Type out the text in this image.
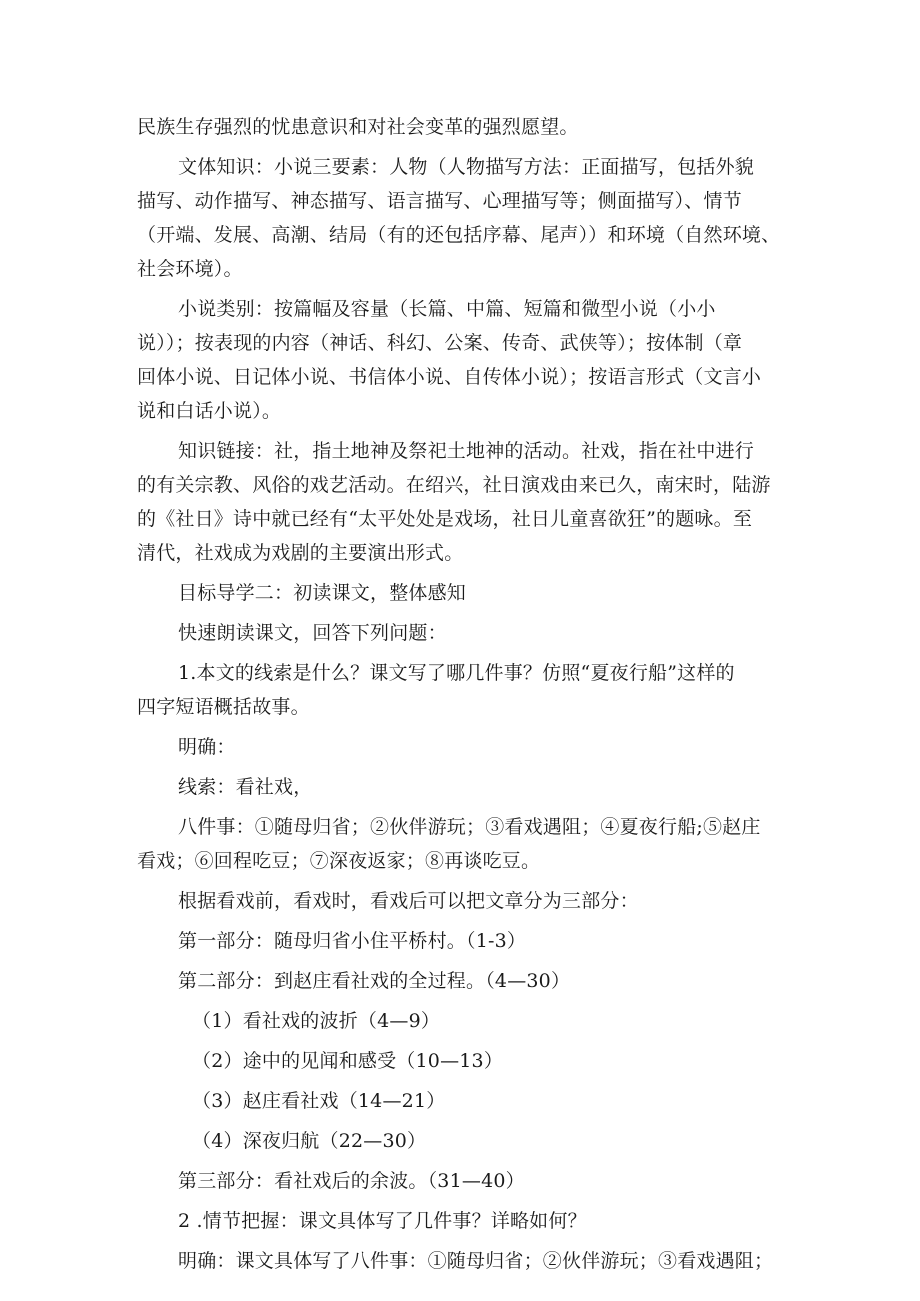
民族生存强烈的忧患意识和对社会变革的强烈愿望。
文体知识：小说三要素：人物（人物描写方法：正面描写，包括外貌
描写、动作描写、神态描写、语言描写、心理描写等；侧面描写）、情节
（开端、发展、高潮、结局（有的还包括序幕、尾声））和环境（自然环境、
社会环境）。
小说类别：按篇幅及容量（长篇、中篇、短篇和微型小说（小小
说））；按表现的内容（神话、科幻、公案、传奇、武侠等）；按体制（章
回体小说、日记体小说、书信体小说、自传体小说）；按语言形式（文言小
说和白话小说）。
知识链接：社，指土地神及祭祀土地神的活动。社戏，指在社中进行
的有关宗教、风俗的戏艺活动。在绍兴，社日演戏由来已久，南宋时，陆游
的《社日》诗中就已经有“太平处处是戏场，社日儿童喜欲狂”的题咏。至
清代，社戏成为戏剧的主要演出形式。
目标导学二：初读课文，整体感知
快速朗读课文，回答下列问题：
1.本文的线索是什么？课文写了哪几件事？仿照“夏夜行船”这样的
四字短语概括故事。
明确：
线索：看社戏，
八件事：①随母归省；②伙伴游玩；③看戏遇阻；④夏夜行船;⑤赵庄
看戏；⑥回程吃豆；⑦深夜返家；⑧再谈吃豆。
根据看戏前，看戏时，看戏后可以把文章分为三部分：
第一部分：随母归省小住平桥村。（1-3）
第二部分：到赵庄看社戏的全过程。（4—30）
（1）看社戏的波折（4—9）
（2）途中的见闻和感受（10—13）
（3）赵庄看社戏（14—21）
（4）深夜归航（22—30）
第三部分：看社戏后的余波。（31—40）
2 .情节把握：课文具体写了几件事？详略如何？
明确：课文具体写了八件事：①随母归省；②伙伴游玩；③看戏遇阻；
